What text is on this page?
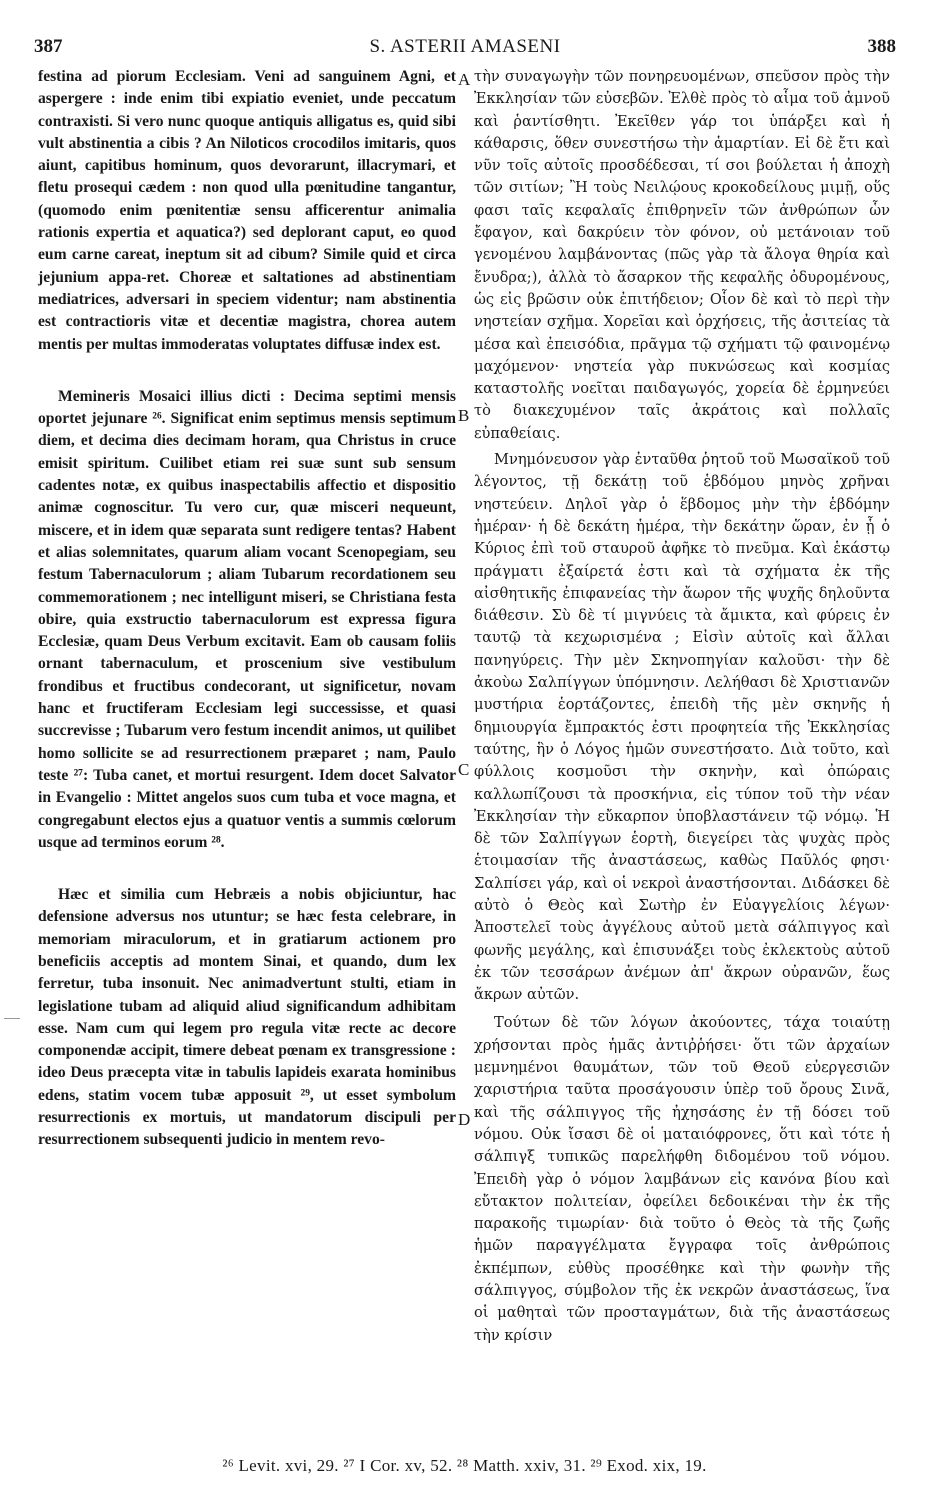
387	S. ASTERII AMASENI	388

festina ad piorum Ecclesiam. Veni ad sanguinem Agni, et aspergere : inde enim tibi expiatio eveniet, unde peccatum contraxisti. Si vero nunc quoque antiquis alligatus es, quid sibi vult abstinentia a cibis ? An Niloticos crocodilos imitaris, quos aiunt, capitibus hominum, quos devorarunt, illacrymari, et fletu prosequi cædem : non quod ulla pœnitudine tangantur, (quomodo enim pœnitentiæ sensu afficerentur animalia rationis expertia et aquatica?) sed deplorant caput, eo quod eum carne careat, ineptum sit ad cibum? Simile quid et circa jejunium appa-ret. Choreæ et saltationes ad abstinentiam mediatrices, adversari in speciem videntur; nam abstinentia est contractioris vitæ et decentiæ magistra, chorea autem mentis per multas immoderatas voluptates diffusæ index est.

Memineris Mosaici illius dicti : Decima septimi mensis oportet jejunare ²⁶. Significat enim septimus mensis septimum diem, et decima dies decimam horam, qua Christus in cruce emisit spiritum. Cuilibet etiam rei suæ sunt sub sensum cadentes notæ, ex quibus inaspectabilis affectio et dispositio animæ cognoscitur. Tu vero cur, quæ misceri nequeunt, miscere, et in idem quæ separata sunt redigere tentas? Habent et alias solemnitates, quarum aliam vocant Scenopegiam, seu festum Tabernaculorum ; aliam Tubarum recordationem seu commemorationem ; nec intelligunt miseri, se Christiana festa obire, quia exstructio tabernaculorum est expressa figura Ecclesiæ, quam Deus Verbum excitavit. Eam ob causam foliis ornant tabernaculum, et proscenium sive vestibulum frondibus et fructibus condecorant, ut significetur, novam hanc et fructiferam Ecclesiam legi successisse, et quasi succrevisse ; Tubarum vero festum incendit animos, ut quilibet homo sollicite se ad resurrectionem præparet ; nam, Paulo teste ²⁷: Tuba canet, et mortui resurgent. Idem docet Salvator in Evangelio : Mittet angelos suos cum tuba et voce magna, et congregabunt electos ejus a quatuor ventis a summis cœlorum usque ad terminos eorum ²⁸.

Hæc et similia cum Hebræis a nobis objiciuntur, hac defensione adversus nos utuntur; se hæc festa celebrare, in memoriam miraculorum, et in gratiarum actionem pro beneficiis acceptis ad montem Sinai, et quando, dum lex ferretur, tuba insonuit. Nec animadvertunt stulti, etiam in legislatione tubam ad aliquid aliud significandum adhibitam esse. Nam cum qui legem pro regula vitæ recte ac decore componendæ accipit, timere debeat pœnam ex transgressione : ideo Deus præcepta vitæ in tabulis lapideis exarata hominibus edens, statim vocem tubæ apposuit ²⁹, ut esset symbolum resurrectionis ex mortuis, ut mandatorum discipuli per resurrectionem subsequenti judicio in mentem revo-

τὴν συναγωγὴν τῶν πονηρευομένων, σπεῦσον πρὸς τὴν Ἐκκλησίαν τῶν εὐσεβῶν. Ἐλθὲ πρὸς τὸ αἷμα τοῦ ἀμνοῦ καὶ ῥαντίσθητι. Ἐκεῖθεν γάρ τοι ὑπάρξει καὶ ἡ κάθαρσις, ὅθεν συνεστήσω τὴν ἁμαρτίαν. Εἰ δὲ ἔτι καὶ νῦν τοῖς αὐτοῖς προσδέδεσαι, τί σοι βούλεται ἡ ἀποχὴ τῶν σιτίων; Ἢ τοὺς Νειλῴους κροκοδείλους μιμῇ, οὕς φασι ταῖς κεφαλαῖς ἐπιθρηνεῖν τῶν ἀνθρώπων ὧν ἔφαγον, καὶ δακρύειν τὸν φόνον, οὐ μετάνοιαν τοῦ γενομένου λαμβάνοντας (πῶς γὰρ τὰ ἄλογα θηρία καὶ ἔνυδρα;), ἀλλὰ τὸ ἄσαρκον τῆς κεφαλῆς ὀδυρομένους, ὡς εἰς βρῶσιν οὐκ ἐπιτήδειον; Οἷον δὲ καὶ τὸ περὶ τὴν νηστείαν σχῆμα. Χορεῖαι καὶ ὀρχήσεις, τῆς ἀσιτείας τὰ μέσα καὶ ἐπεισόδια, πρᾶγμα τῷ σχήματι τῷ φαινομένῳ μαχόμενον· νηστεία γὰρ πυκνώσεως καὶ κοσμίας καταστολῆς νοεῖται παιδαγωγός, χορεία δὲ ἑρμηνεύει τὸ διακεχυμένον ταῖς ἀκράτοις καὶ πολλαῖς εὐπαθείαις.

Μνημόνευσον γὰρ ἐνταῦθα ῥητοῦ τοῦ Μωσαϊκοῦ τοῦ λέγοντος, τῇ δεκάτῃ τοῦ ἑβδόμου μηνὸς χρῆναι νηστεύειν. Δηλοῖ γὰρ ὁ ἕβδομος μὴν τὴν ἑβδόμην ἡμέραν· ἡ δὲ δεκάτη ἡμέρα, τὴν δεκάτην ὥραν, ἐν ᾗ ὁ Κύριος ἐπὶ τοῦ σταυροῦ ἀφῆκε τὸ πνεῦμα. Καὶ ἑκάστῳ πράγματι ἐξαίρετά ἐστι καὶ τὰ σχήματα ἐκ τῆς αἰσθητικῆς ἐπιφανείας τὴν ἄωρον τῆς ψυχῆς δηλοῦντα διάθεσιν. Σὺ δὲ τί μιγνύεις τὰ ἄμικτα, καὶ φύρεις ἐν ταυτῷ τὰ κεχωρισμένα ; Εἰσὶν αὐτοῖς καὶ ἄλλαι πανηγύρεις. Τὴν μὲν Σκηνοπηγίαν καλοῦσι· τὴν δὲ ἀκοὺω Σαλπίγγων ὑπόμνησιν. Λελήθασι δὲ Χριστιανῶν μυστήρια ἑορτάζοντες, ἐπειδὴ τῆς μὲν σκηνῆς ἡ δημιουργία ἔμπρακτός ἐστι προφητεία τῆς Ἐκκλησίας ταύτης, ἣν ὁ Λόγος ἡμῶν συνεστήσατο. Διὰ τοῦτο, καὶ φύλλοις κοσμοῦσι τὴν σκηνὴν, καὶ ὀπώραις καλλωπίζουσι τὰ προσκήνια, εἰς τύπον τοῦ τὴν νέαν Ἐκκλησίαν τὴν εὔκαρπον ὑποβλαστάνειν τῷ νόμῳ. Ἡ δὲ τῶν Σαλπίγγων ἑορτὴ, διεγείρει τὰς ψυχὰς πρὸς ἑτοιμασίαν τῆς ἀναστάσεως, καθὼς Παῦλός φησι· Σαλπίσει γάρ, καὶ οἱ νεκροὶ ἀναστήσονται. Διδάσκει δὲ αὐτὸ ὁ Θεὸς καὶ Σωτὴρ ἐν Εὐαγγελίοις λέγων· Ἀποστελεῖ τοὺς ἀγγέλους αὐτοῦ μετὰ σάλπιγγος καὶ φωνῆς μεγάλης, καὶ ἐπισυνάξει τοὺς ἐκλεκτοὺς αὐτοῦ ἐκ τῶν τεσσάρων ἀνέμων ἀπ' ἄκρων οὐρανῶν, ἕως ἄκρων αὐτῶν.

Τούτων δὲ τῶν λόγων ἀκούοντες, τάχα τοιαύτῃ χρήσονται πρὸς ἡμᾶς ἀντιῤῥήσει· ὅτι τῶν ἀρχαίων μεμνημένοι θαυμάτων, τῶν τοῦ Θεοῦ εὐεργεσιῶν χαριστήρια ταῦτα προσάγουσιν ὑπὲρ τοῦ ὄρους Σινᾶ, καὶ τῆς σάλπιγγος τῆς ἠχησάσης ἐν τῇ δόσει τοῦ νόμου. Οὐκ ἴσασι δὲ οἱ ματαιόφρονες, ὅτι καὶ τότε ἡ σάλπιγξ τυπικῶς παρελήφθη διδομένου τοῦ νόμου. Ἐπειδὴ γὰρ ὁ νόμον λαμβάνων εἰς κανόνα βίου καὶ εὔτακτον πολιτείαν, ὀφείλει δεδοικέναι τὴν ἐκ τῆς παρακοῆς τιμωρίαν· διὰ τοῦτο ὁ Θεὸς τὰ τῆς ζωῆς ἡμῶν παραγγέλματα ἔγγραφα τοῖς ἀνθρώποις ἐκπέμπων, εὐθὺς προσέθηκε καὶ τὴν φωνὴν τῆς σάλπιγγος, σύμβολον τῆς ἐκ νεκρῶν ἀναστάσεως, ἵνα οἱ μαθηταὶ τῶν προσταγμάτων, διὰ τῆς ἀναστάσεως τὴν κρίσιν

A
B
C
D
²⁶ Levit. xvi, 29. ²⁷ I Cor. xv, 52. ²⁸ Matth. xxiv, 31. ²⁹ Exod. xix, 19.
